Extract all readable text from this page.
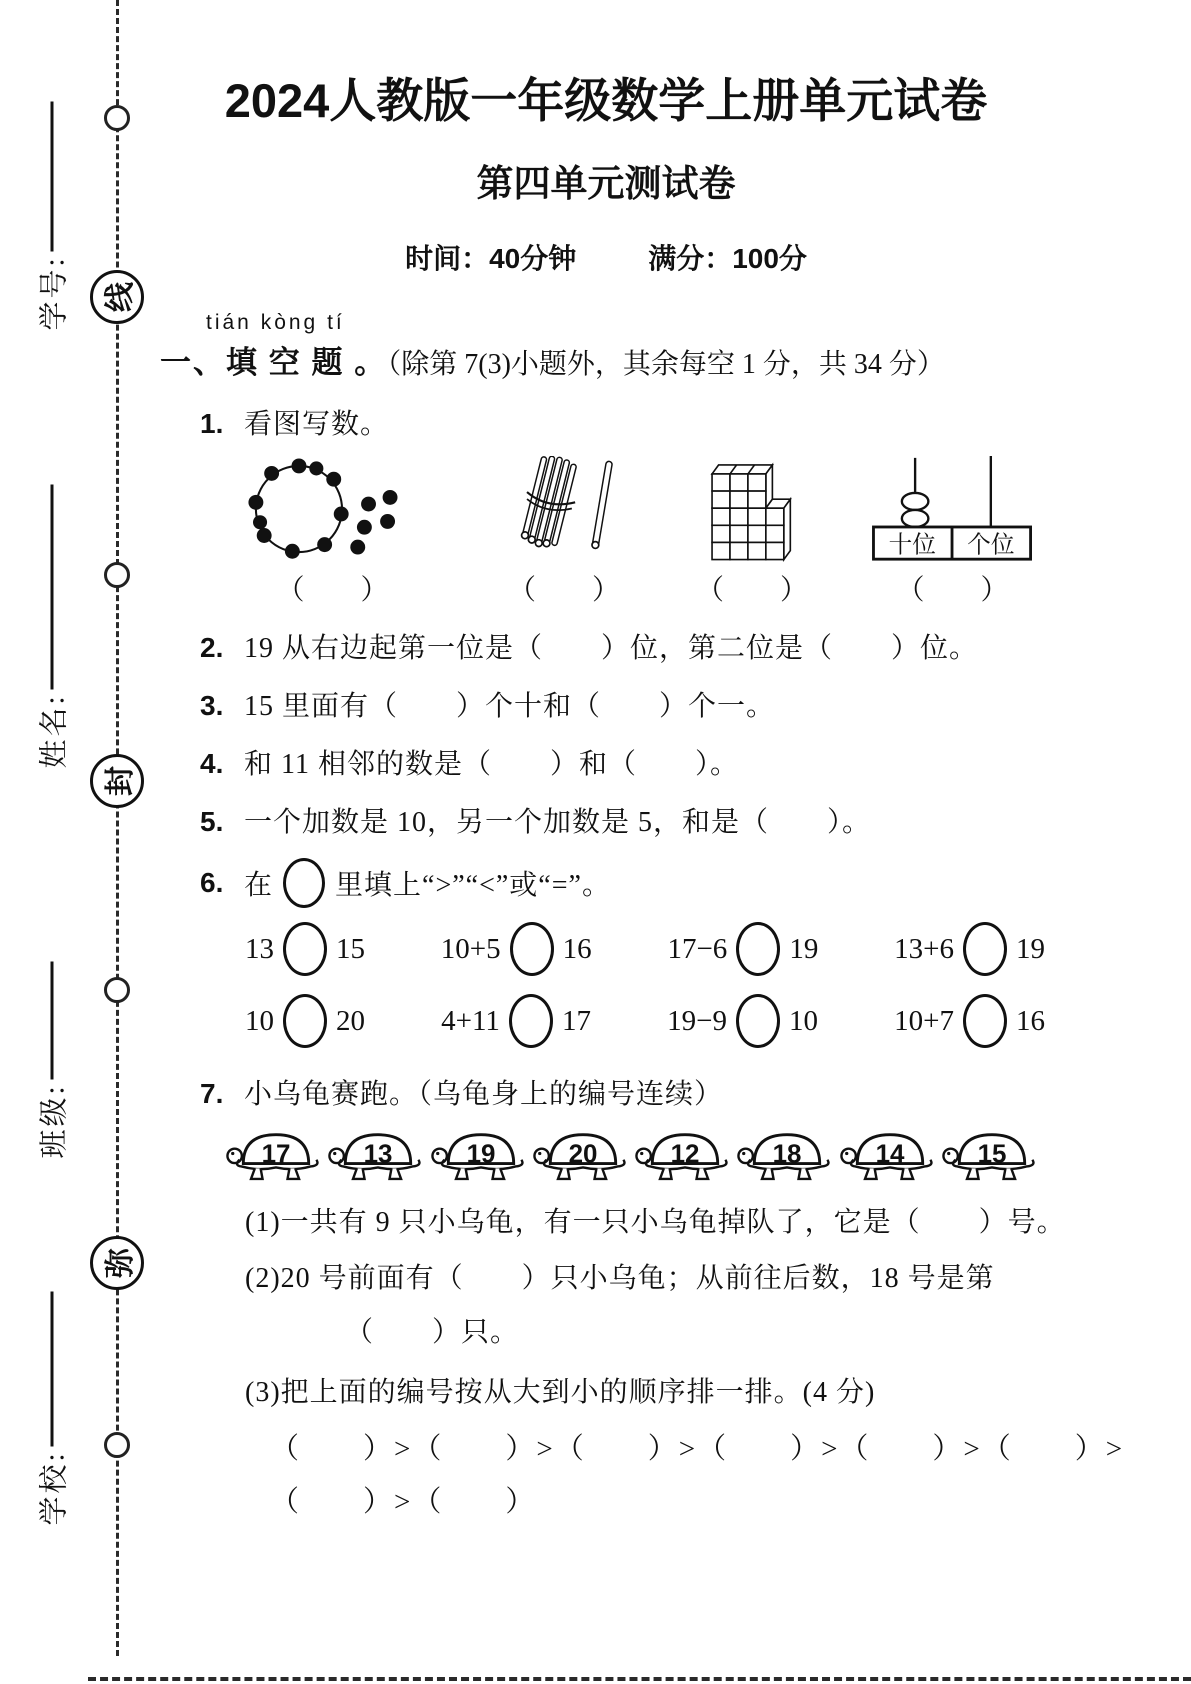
线
封
弥
学号:
姓名:
班级:
学校:
2024人教版一年级数学上册单元试卷
第四单元测试卷
时间：40分钟	满分：100分
tián kòng tí
一、填 空 题 。（除第 7(3)小题外，其余每空 1 分，共 34 分）
1. 看图写数。
（　　）	（　　）	（　　）
十位 个位
（　　）
2. 19 从右边起第一位是（　　）位，第二位是（　　）位。
3. 15 里面有（　　）个十和（　　）个一。
4. 和 11 相邻的数是（　　）和（　　）。
5. 一个加数是 10，另一个加数是 5，和是（　　）。
6. 在 里填上“>”“<”或“=”。
13 15	10+5 16	17−6 19	13+6 19
10 20	4+11 17	19−9 10	10+7 16
7. 小乌龟赛跑。（乌龟身上的编号连续）
17	13	19	20	12	18	14	15
(1)一共有 9 只小乌龟，有一只小乌龟掉队了，它是（　　）号。
(2)20 号前面有（　　）只小乌龟；从前往后数，18 号是第
（　　）只。
(3)把上面的编号按从大到小的顺序排一排。(4 分)
（　　）>（　　）>（　　）>（　　）>（　　）>（　　）>
（　　）>（　　）
